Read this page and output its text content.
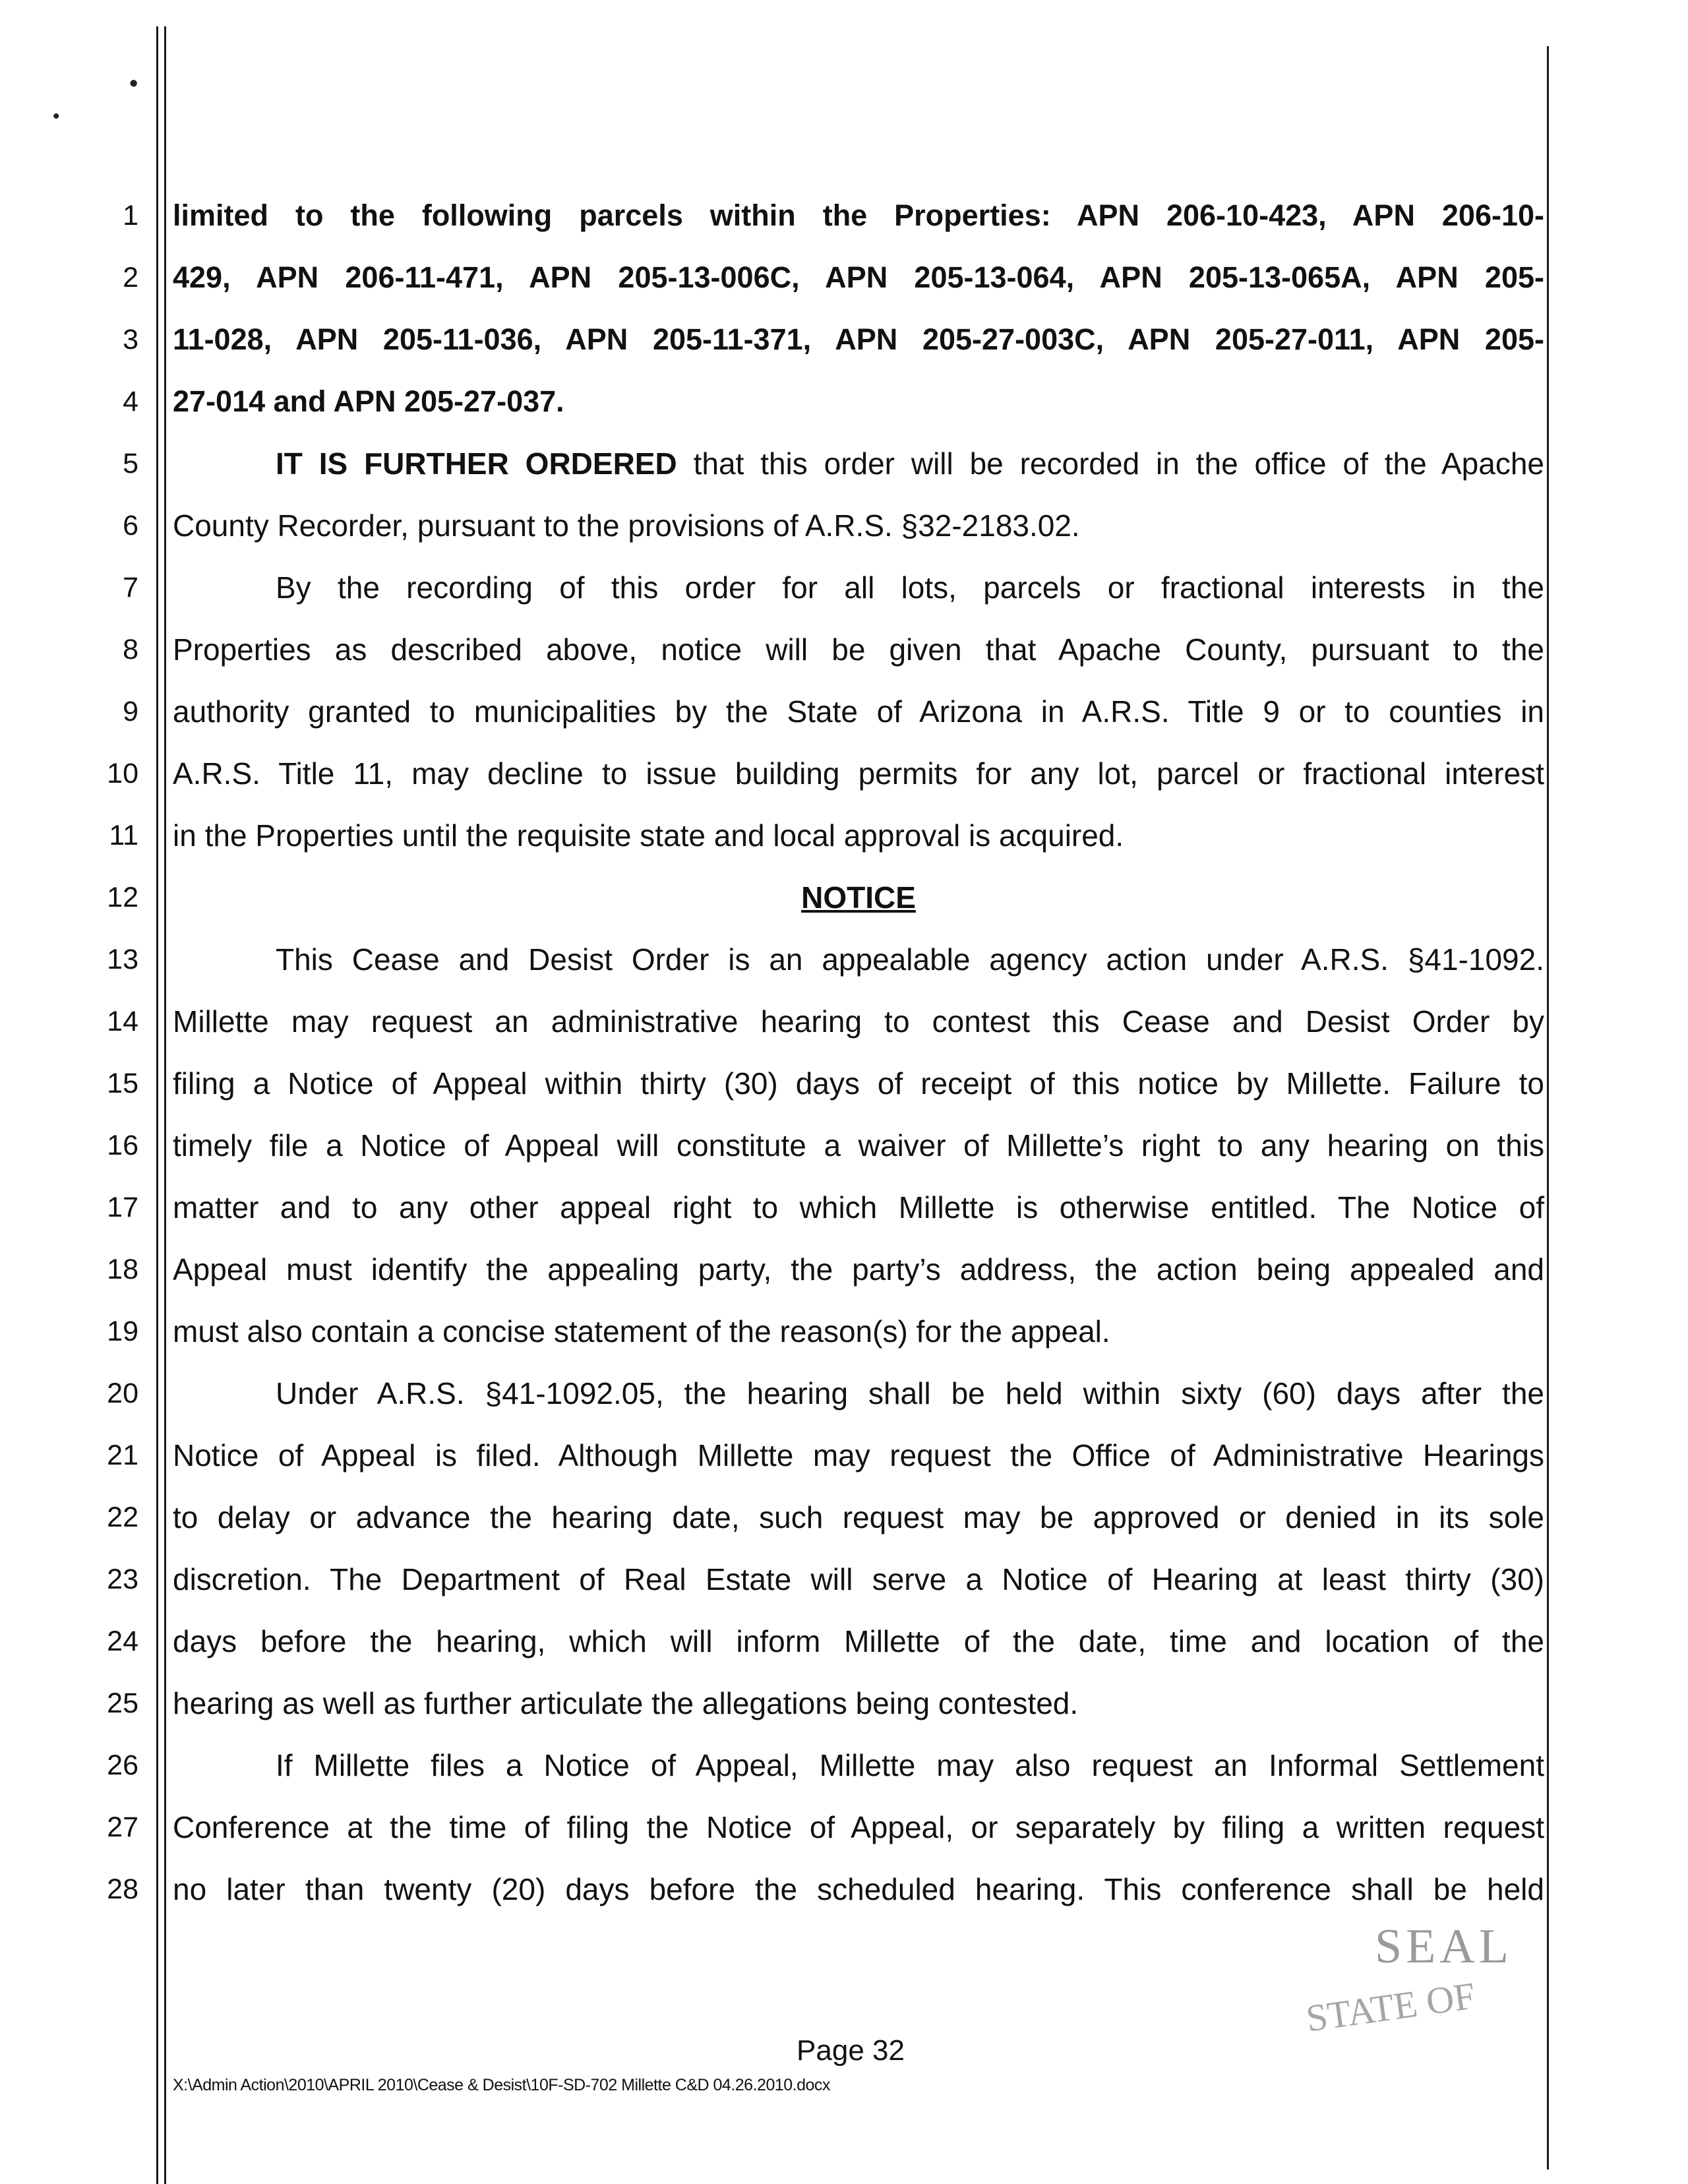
•
•
1
2
3
4
5
6
7
8
9
10
11
12
13
14
15
16
17
18
19
20
21
22
23
24
25
26
27
28
limited to the following parcels within the Properties: APN 206-10-423, APN 206-10-
429, APN 206-11-471, APN 205-13-006C, APN 205-13-064, APN 205-13-065A, APN 205-
11-028, APN 205-11-036, APN 205-11-371, APN 205-27-003C, APN 205-27-011, APN 205-
27-014 and APN 205-27-037.
IT IS FURTHER ORDERED that this order will be recorded in the office of the Apache
County Recorder, pursuant to the provisions of A.R.S. §32-2183.02.
By the recording of this order for all lots, parcels or fractional interests in the
Properties as described above, notice will be given that Apache County, pursuant to the
authority granted to municipalities by the State of Arizona in A.R.S. Title 9 or to counties in
A.R.S. Title 11, may decline to issue building permits for any lot, parcel or fractional interest
in the Properties until the requisite state and local approval is acquired.
NOTICE
This Cease and Desist Order is an appealable agency action under A.R.S. §41-1092.
Millette may request an administrative hearing to contest this Cease and Desist Order by
filing a Notice of Appeal within thirty (30) days of receipt of this notice by Millette. Failure to
timely file a Notice of Appeal will constitute a waiver of Millette’s right to any hearing on this
matter and to any other appeal right to which Millette is otherwise entitled. The Notice of
Appeal must identify the appealing party, the party’s address, the action being appealed and
must also contain a concise statement of the reason(s) for the appeal.
Under A.R.S. §41-1092.05, the hearing shall be held within sixty (60) days after the
Notice of Appeal is filed. Although Millette may request the Office of Administrative Hearings
to delay or advance the hearing date, such request may be approved or denied in its sole
discretion. The Department of Real Estate will serve a Notice of Hearing at least thirty (30)
days before the hearing, which will inform Millette of the date, time and location of the
hearing as well as further articulate the allegations being contested.
If Millette files a Notice of Appeal, Millette may also request an Informal Settlement
Conference at the time of filing the Notice of Appeal, or separately by filing a written request
no later than twenty (20) days before the scheduled hearing. This conference shall be held
SEAL
STATE OF
Page 32
X:\Admin Action\2010\APRIL 2010\Cease & Desist\10F-SD-702 Millette C&D 04.26.2010.docx
